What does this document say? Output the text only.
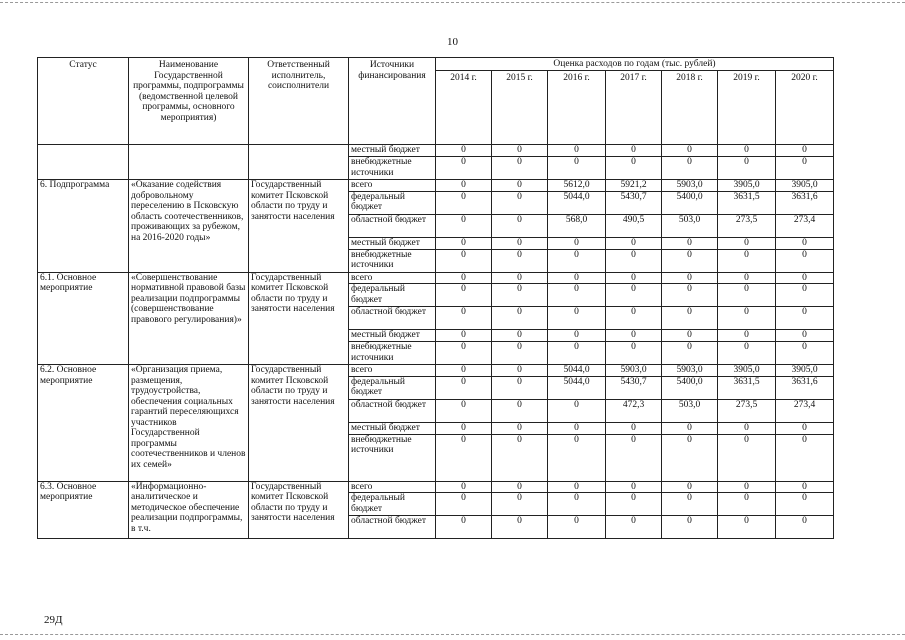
10
Статус	Наименование Государственной программы, подпрограммы (ведомственной целевой программы, основного мероприятия)	Ответственный исполнитель, соисполнители	Источники финансирования	Оценка расходов по годам (тыс. рублей)						
				2014 г.	2015 г.	2016 г.	2017 г.	2018 г.	2019 г.	2020 г.
			местный бюджет	0	0	0	0	0	0	0
			внебюджетные источники	0	0	0	0	0	0	0
6. Подпрограмма	«Оказание содействия добровольному переселению в Псковскую область соотечественников, проживающих за рубежом, на 2016-2020 годы»	Государственный комитет Псковской области по труду и занятости населения	всего	0	0	5612,0	5921,2	5903,0	3905,0	3905,0
			федеральный бюджет	0	0	5044,0	5430,7	5400,0	3631,5	3631,6
			областной бюджет	0	0	568,0	490,5	503,0	273,5	273,4
			местный бюджет	0	0	0	0	0	0	0
			внебюджетные источники	0	0	0	0	0	0	0
6.1. Основное мероприятие	«Совершенствование нормативной правовой базы реализации подпрограммы (совершенствование правового регулирования)»	Государственный комитет Псковской области по труду и занятости населения	всего	0	0	0	0	0	0	0
			федеральный бюджет	0	0	0	0	0	0	0
			областной бюджет	0	0	0	0	0	0	0
			местный бюджет	0	0	0	0	0	0	0
			внебюджетные источники	0	0	0	0	0	0	0
6.2. Основное мероприятие	«Организация приема, размещения, трудоустройства, обеспечения социальных гарантий переселяющихся участников Государственной программы соотечественников и членов их семей»	Государственный комитет Псковской области по труду и занятости населения	всего	0	0	5044,0	5903,0	5903,0	3905,0	3905,0
			федеральный бюджет	0	0	5044,0	5430,7	5400,0	3631,5	3631,6
			областной бюджет	0	0	0	472,3	503,0	273,5	273,4
			местный бюджет	0	0	0	0	0	0	0
			внебюджетные источники	0	0	0	0	0	0	0
6.3. Основное мероприятие	«Информационно-аналитическое и методическое обеспечение реализации подпрограммы, в т.ч.	Государственный комитет Псковской области по труду и занятости населения	всего	0	0	0	0	0	0	0
			федеральный бюджет	0	0	0	0	0	0	0
			областной бюджет	0	0	0	0	0	0	0
29Д
